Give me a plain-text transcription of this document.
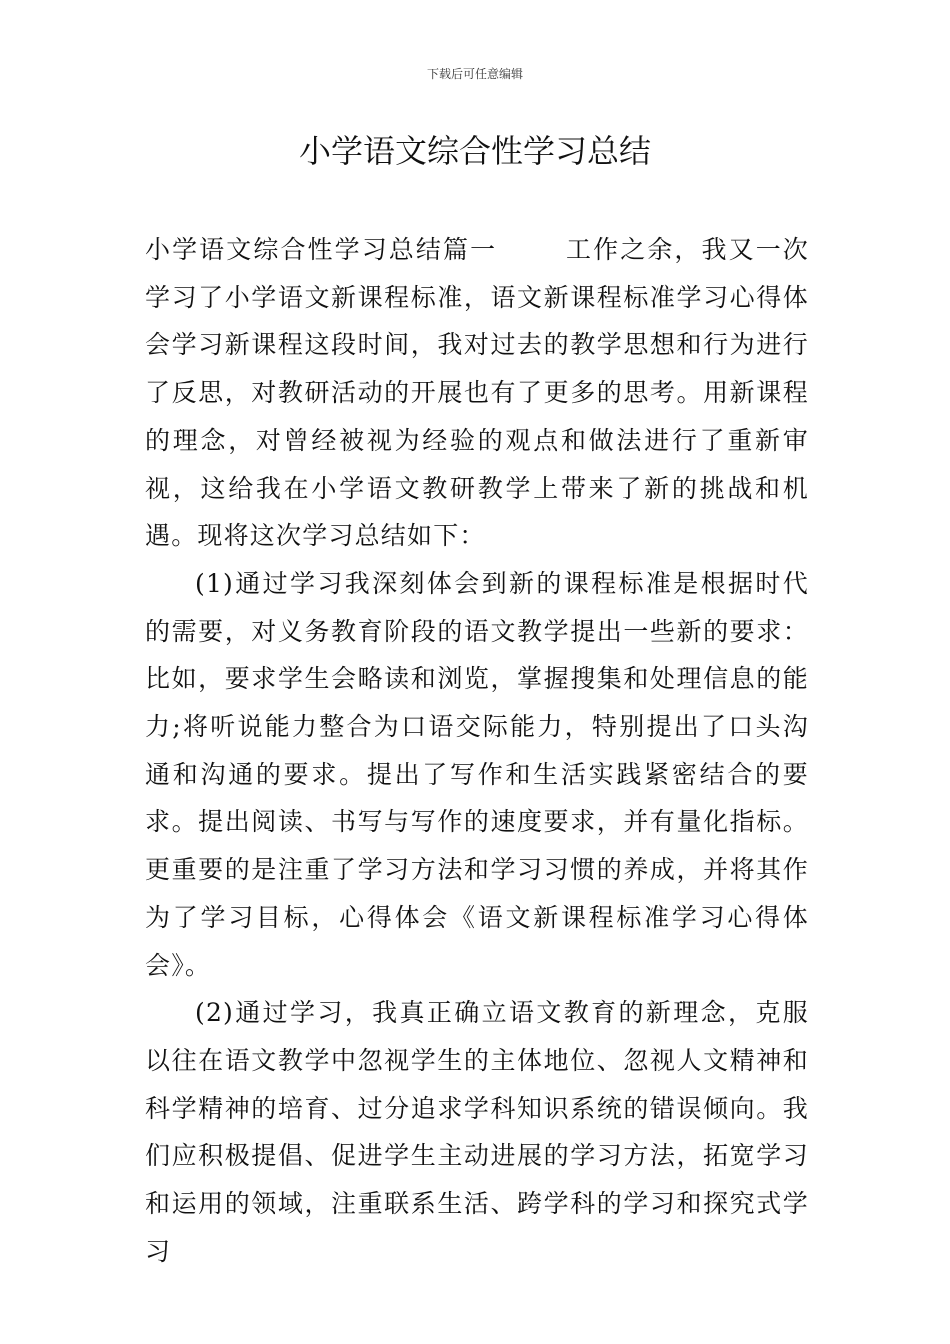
下载后可任意编辑
小学语文综合性学习总结

小学语文综合性学习总结篇一	工作之余，我又一次学习了小学语文新课程标准，语文新课程标准学习心得体会学习新课程这段时间，我对过去的教学思想和行为进行了反思，对教研活动的开展也有了更多的思考。用新课程的理念，对曾经被视为经验的观点和做法进行了重新审视，这给我在小学语文教研教学上带来了新的挑战和机遇。现将这次学习总结如下：

(1)通过学习我深刻体会到新的课程标准是根据时代的需要，对义务教育阶段的语文教学提出一些新的要求：比如，要求学生会略读和浏览，掌握搜集和处理信息的能力;将听说能力整合为口语交际能力，特别提出了口头沟通和沟通的要求。提出了写作和生活实践紧密结合的要求。提出阅读、书写与写作的速度要求，并有量化指标。更重要的是注重了学习方法和学习习惯的养成，并将其作为了学习目标，心得体会《语文新课程标准学习心得体会》。

(2)通过学习，我真正确立语文教育的新理念，克服以往在语文教学中忽视学生的主体地位、忽视人文精神和科学精神的培育、过分追求学科知识系统的错误倾向。我们应积极提倡、促进学生主动进展的学习方法，拓宽学习和运用的领域，注重联系生活、跨学科的学习和探究式学习
